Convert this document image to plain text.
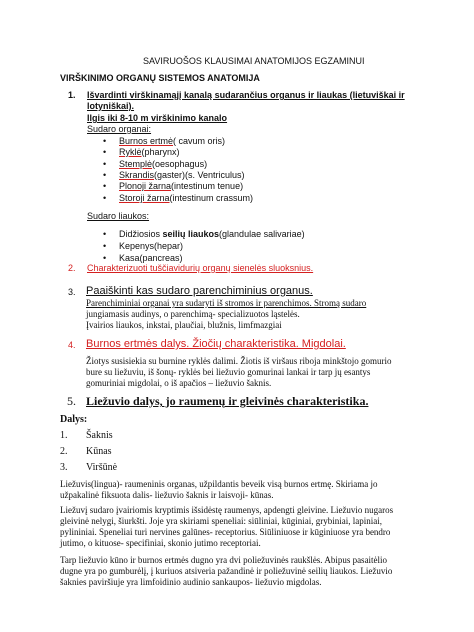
SAVIRUOŠOS KLAUSIMAI ANATOMIJOS EGZAMINUI
VIRŠKINIMO ORGANŲ SISTEMOS ANATOMIJA
1. Išvardinti virškinamąjį kanalą sudarančius organus ir liaukas (lietuviškai ir
lotyniškai).
Ilgis iki 8-10 m virškinimo kanalo
Sudaro organai:
• Burnos ertmė( cavum oris)
• Ryklė(pharynx)
• Stemplė(oesophagus)
• Skrandis(gaster)(s. Ventriculus)
• Plonoji žarna(intestinum tenue)
• Storoji žarna(intestinum crassum)
Sudaro liaukos:
• Didžiosios seilių liaukos(glandulae salivariae)
• Kepenys(hepar)
• Kasa(pancreas)
2. Charakterizuoti tuščiavidurių organų sienelės sluoksnius.
3. Paaiškinti kas sudaro parenchiminius organus.
Parenchiminiai organai yra sudaryti iš stromos ir parenchimos. Stromą sudaro
jungiamasis audinys, o parenchimą- specializuotos ląstelės.
Įvairios liaukos, inkstai, plaučiai, blužnis, limfmazgiai
4. Burnos ertmės dalys. Žiočių charakteristika. Migdolai.
Žiotys susisiekia su burnine ryklės dalimi. Žiotis iš viršaus riboja minkštojo gomurio
bure su liežuviu, iš šonų- ryklės bei liežuvio gomurinai lankai ir tarp jų esantys
gomuriniai migdolai, o iš apačios – liežuvio šaknis.
5. Liežuvio dalys, jo raumenų ir gleivinės charakteristika.
Dalys:
1. Šaknis
2. Kūnas
3. Viršūnė
Liežuvis(lingua)- raumeninis organas, užpildantis beveik visą burnos ertmę. Skiriama jo
užpakalinė fiksuota dalis- liežuvio šaknis ir laisvoji- kūnas.
Liežuvį sudaro įvairiomis kryptimis išsidėstę raumenys, apdengti gleivine. Liežuvio nugaros
gleivinė nelygi, šiurkšti. Joje yra skiriami speneliai: siūliniai, kūginiai, grybiniai, lapiniai,
pylininiai. Speneliai turi nervines galūnes- receptorius. Siūliniuose ir kūginiuose yra bendro
jutimo, o kituose- specifiniai, skonio jutimo receptoriai.
Tarp liežuvio kūno ir burnos ertmės dugno yra dvi poliežuvinės raukšlės. Abipus pasaitėlio
dugne yra po gumburėlį, į kuriuos atsiveria pažandinė ir poliežuvinė seilių liaukos. Liežuvio
šaknies paviršiuje yra limfoidinio audinio sankaupos- liežuvio migdolas.
